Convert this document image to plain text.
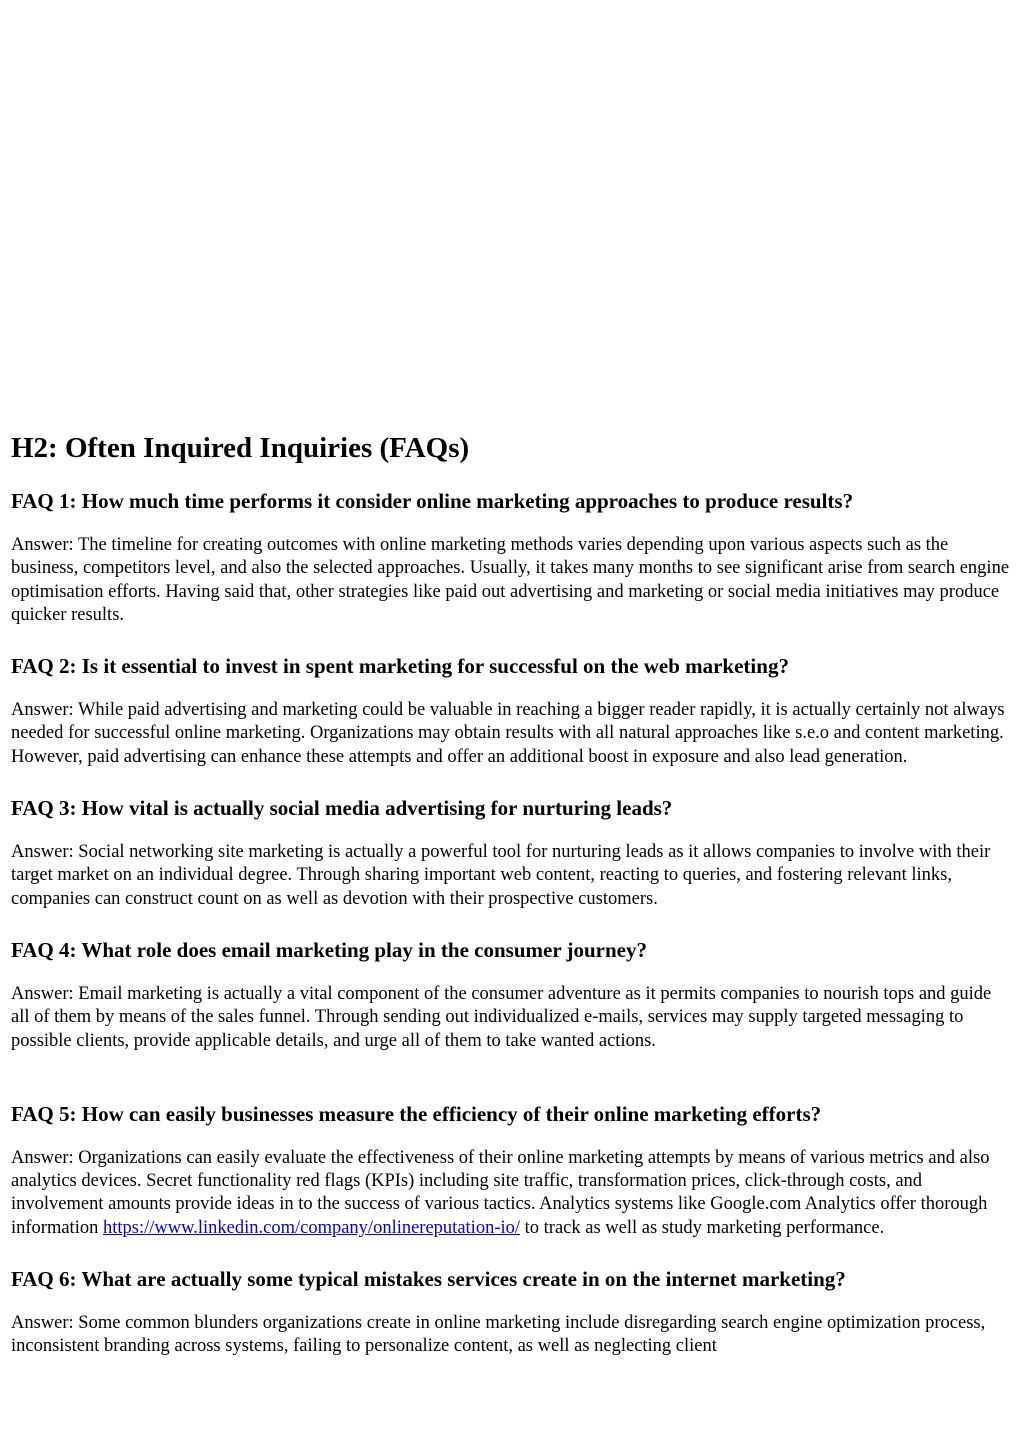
H2: Often Inquired Inquiries (FAQs)
FAQ 1: How much time performs it consider online marketing approaches to produce results?

Answer: The timeline for creating outcomes with online marketing methods varies depending upon various aspects such as the business, competitors level, and also the selected approaches. Usually, it takes many months to see significant arise from search engine optimisation efforts. Having said that, other strategies like paid out advertising and marketing or social media initiatives may produce quicker results.

FAQ 2: Is it essential to invest in spent marketing for successful on the web marketing?

Answer: While paid advertising and marketing could be valuable in reaching a bigger reader rapidly, it is actually certainly not always needed for successful online marketing. Organizations may obtain results with all natural approaches like s.e.o and content marketing. However, paid advertising can enhance these attempts and offer an additional boost in exposure and also lead generation.

FAQ 3: How vital is actually social media advertising for nurturing leads?

Answer: Social networking site marketing is actually a powerful tool for nurturing leads as it allows companies to involve with their target market on an individual degree. Through sharing important web content, reacting to queries, and fostering relevant links, companies can construct count on as well as devotion with their prospective customers.

FAQ 4: What role does email marketing play in the consumer journey?

Answer: Email marketing is actually a vital component of the consumer adventure as it permits companies to nourish tops and guide all of them by means of the sales funnel. Through sending out individualized e-mails, services may supply targeted messaging to possible clients, provide applicable details, and urge all of them to take wanted actions.

FAQ 5: How can easily businesses measure the efficiency of their online marketing efforts?

Answer: Organizations can easily evaluate the effectiveness of their online marketing attempts by means of various metrics and also analytics devices. Secret functionality red flags (KPIs) including site traffic, transformation prices, click-through costs, and involvement amounts provide ideas in to the success of various tactics. Analytics systems like Google.com Analytics offer thorough information https://www.linkedin.com/company/onlinereputation-io/ to track as well as study marketing performance.

FAQ 6: What are actually some typical mistakes services create in on the internet marketing?

Answer: Some common blunders organizations create in online marketing include disregarding search engine optimization process, inconsistent branding across systems, failing to personalize content, as well as neglecting client
